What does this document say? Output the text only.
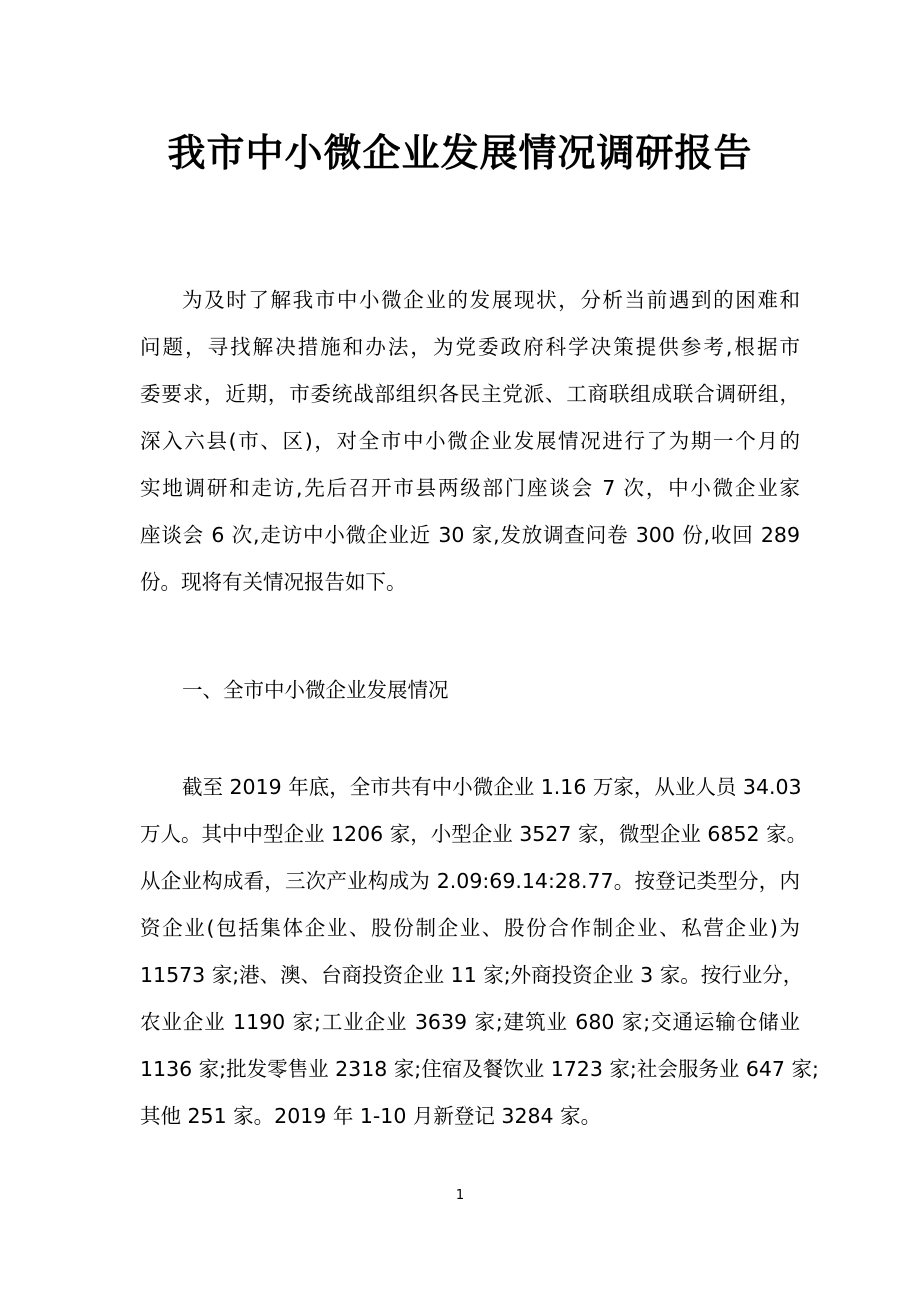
我市中小微企业发展情况调研报告
为及时了解我市中小微企业的发展现状，分析当前遇到的困难和
问题，寻找解决措施和办法，为党委政府科学决策提供参考,根据市
委要求，近期，市委统战部组织各民主党派、工商联组成联合调研组，
深入六县(市、区)，对全市中小微企业发展情况进行了为期一个月的
实地调研和走访,先后召开市县两级部门座谈会 7 次，中小微企业家
座谈会 6 次,走访中小微企业近 30 家,发放调查问卷 300 份,收回 289
份。现将有关情况报告如下。
一、全市中小微企业发展情况
截至 2019 年底，全市共有中小微企业 1.16 万家，从业人员 34.03
万人。其中中型企业 1206 家，小型企业 3527 家，微型企业 6852 家。
从企业构成看，三次产业构成为 2.09:69.14:28.77。按登记类型分，内
资企业(包括集体企业、股份制企业、股份合作制企业、私营企业)为
11573 家;港、澳、台商投资企业 11 家;外商投资企业 3 家。按行业分，
农业企业 1190 家;工业企业 3639 家;建筑业 680 家;交通运输仓储业
1136 家;批发零售业 2318 家;住宿及餐饮业 1723 家;社会服务业 647 家;
其他 251 家。2019 年 1-10 月新登记 3284 家。
1
